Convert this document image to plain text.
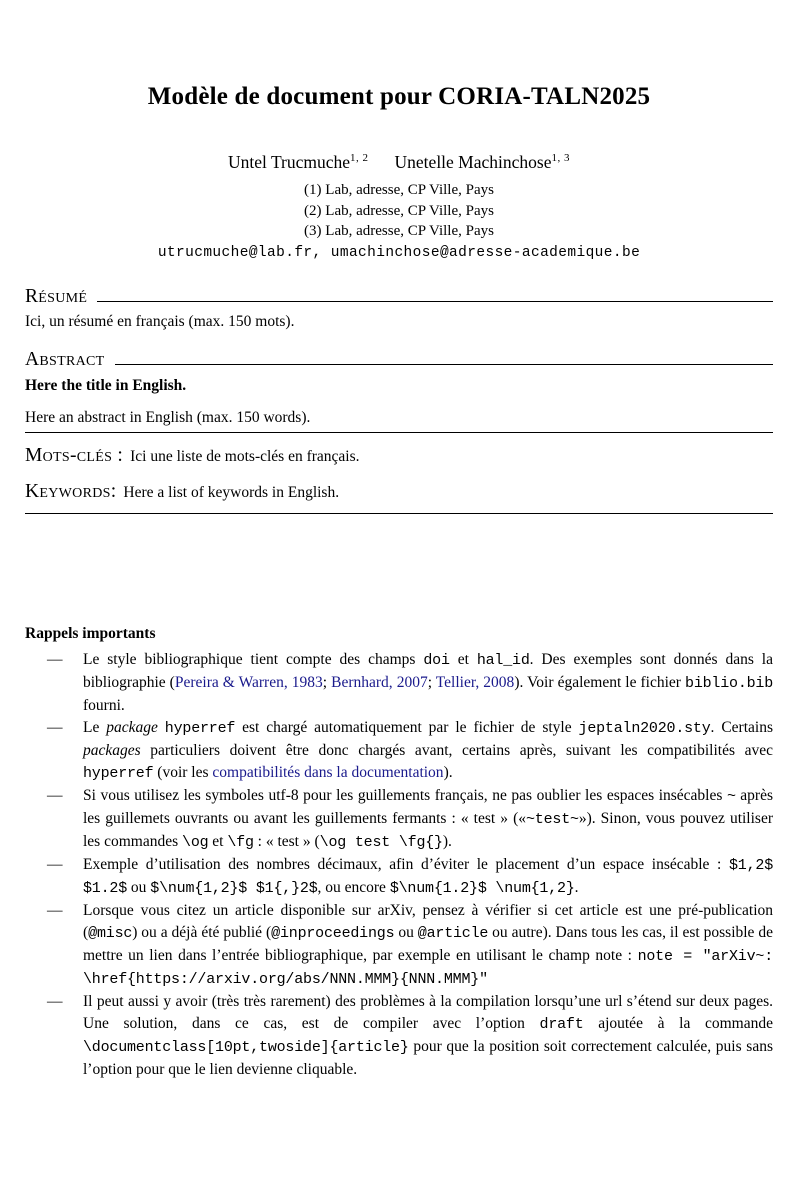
Modèle de document pour CORIA-TALN2025
Untel Trucmuche$^{1, 2}$ Unetelle Machinchose$^{1, 3}$
(1) Lab, adresse, CP Ville, Pays
(2) Lab, adresse, CP Ville, Pays
(3) Lab, adresse, CP Ville, Pays
utrucmuche@lab.fr, umachinchose@adresse-academique.be
Résumé
Ici, un résumé en français (max. 150 mots).
Abstract
Here the title in English.
Here an abstract in English (max. 150 words).
Mots-clés : Ici une liste de mots-clés en français.
Keywords: Here a list of keywords in English.
Rappels importants
— Le style bibliographique tient compte des champs doi et hal_id. Des exemples sont donnés dans la bibliographie (Pereira & Warren, 1983; Bernhard, 2007; Tellier, 2008). Voir également le fichier biblio.bib fourni.
— Le package hyperref est chargé automatiquement par le fichier de style jeptaln2020.sty. Certains packages particuliers doivent être donc chargés avant, certains après, suivant les compatibilités avec hyperref (voir les compatibilités dans la documentation).
— Si vous utilisez les symboles utf-8 pour les guillements français, ne pas oublier les espaces insécables ~ après les guillemets ouvrants ou avant les guillements fermants : « test » («~test~»). Sinon, vous pouvez utiliser les commandes \og et \fg : « test » (\og test \fg{}).
— Exemple d’utilisation des nombres décimaux, afin d’éviter le placement d’un espace insécable : $1,2$ $1.2$ ou $\num{1,2}$ $1{,}2$, ou encore $\num{1.2}$ \num{1,2}.
— Lorsque vous citez un article disponible sur arXiv, pensez à vérifier si cet article est une pré-publication (@misc) ou a déjà été publié (@inproceedings ou @article ou autre). Dans tous les cas, il est possible de mettre un lien dans l’entrée bibliographique, par exemple en utilisant le champ note : note = "arXiv~: \href{https://arxiv.org/abs/NNN.MMM}{NNN.MMM}"
— Il peut aussi y avoir (très très rarement) des problèmes à la compilation lorsqu’une url s’étend sur deux pages. Une solution, dans ce cas, est de compiler avec l’option draft ajoutée à la commande \documentclass[10pt,twoside]{article} pour que la position soit correctement calculée, puis sans l’option pour que le lien devienne cliquable.
